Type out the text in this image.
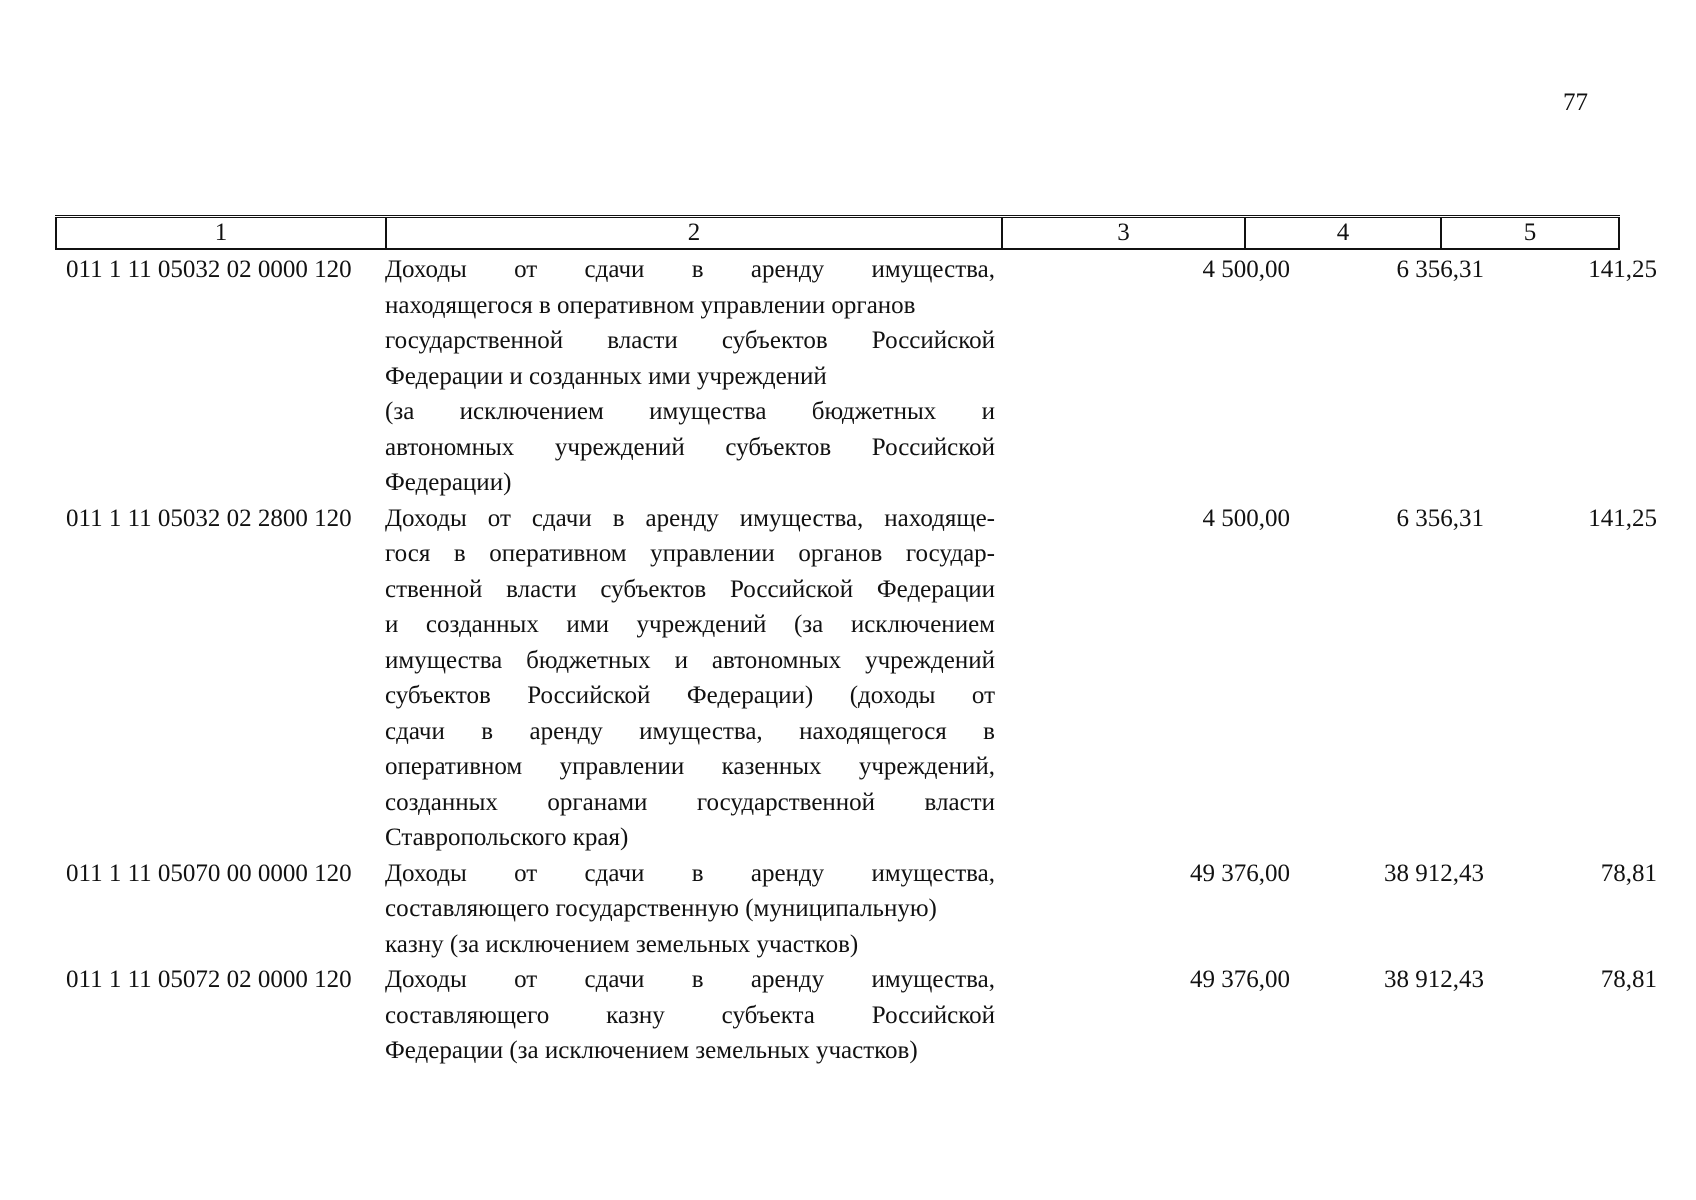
77
1	2	3	4	5
011 1 11 05032 02 0000 120	Доходы от сдачи в аренду имущества,
находящегося в оперативном управлении органов
государственной власти субъектов Российской
Федерации и созданных ими учреждений
(за исключением имущества бюджетных и
автономных учреждений субъектов Российской
Федерации)
4 500,00	6 356,31	141,25
011 1 11 05032 02 2800 120	Доходы от сдачи в аренду имущества, находяще-
гося в оперативном управлении органов государ-
ственной власти субъектов Российской Федерации
и созданных ими учреждений (за исключением
имущества бюджетных и автономных учреждений
субъектов Российской Федерации) (доходы от
сдачи в аренду имущества, находящегося в
оперативном управлении казенных учреждений,
созданных органами государственной власти
Ставропольского края)
4 500,00	6 356,31	141,25
011 1 11 05070 00 0000 120	Доходы от сдачи в аренду имущества,
составляющего государственную (муниципальную)
казну (за исключением земельных участков)
49 376,00	38 912,43	78,81
011 1 11 05072 02 0000 120	Доходы от сдачи в аренду имущества,
составляющего казну субъекта Российской
Федерации (за исключением земельных участков)
49 376,00	38 912,43	78,81
